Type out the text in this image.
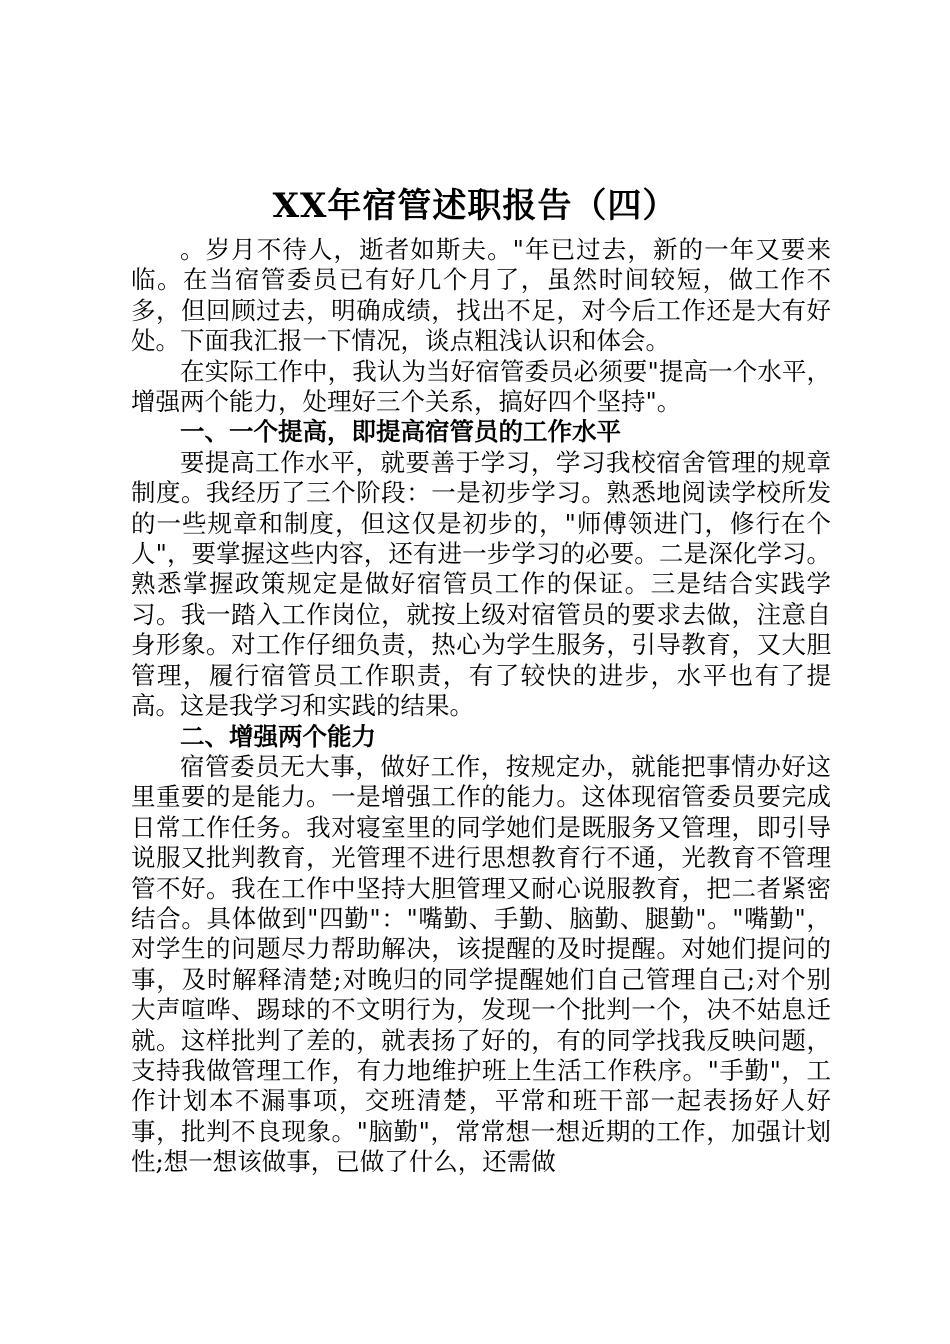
XX年宿管述职报告（四）

。岁月不待人，逝者如斯夫。"年已过去，新的一年又要来临。在当宿管委员已有好几个月了，虽然时间较短，做工作不多，但回顾过去，明确成绩，找出不足，对今后工作还是大有好处。下面我汇报一下情况，谈点粗浅认识和体会。

在实际工作中，我认为当好宿管委员必须要"提高一个水平，增强两个能力，处理好三个关系，搞好四个坚持"。

一、一个提高，即提高宿管员的工作水平

要提高工作水平，就要善于学习，学习我校宿舍管理的规章制度。我经历了三个阶段：一是初步学习。熟悉地阅读学校所发的一些规章和制度，但这仅是初步的，"师傅领进门，修行在个人"，要掌握这些内容，还有进一步学习的必要。二是深化学习。熟悉掌握政策规定是做好宿管员工作的保证。三是结合实践学习。我一踏入工作岗位，就按上级对宿管员的要求去做，注意自身形象。对工作仔细负责，热心为学生服务，引导教育，又大胆管理，履行宿管员工作职责，有了较快的进步，水平也有了提高。这是我学习和实践的结果。

二、增强两个能力

宿管委员无大事，做好工作，按规定办，就能把事情办好这里重要的是能力。一是增强工作的能力。这体现宿管委员要完成日常工作任务。我对寝室里的同学她们是既服务又管理，即引导说服又批判教育，光管理不进行思想教育行不通，光教育不管理管不好。我在工作中坚持大胆管理又耐心说服教育，把二者紧密结合。具体做到"四勤"："嘴勤、手勤、脑勤、腿勤"。"嘴勤"，对学生的问题尽力帮助解决，该提醒的及时提醒。对她们提问的事，及时解释清楚;对晚归的同学提醒她们自己管理自己;对个别大声喧哗、踢球的不文明行为，发现一个批判一个，决不姑息迁就。这样批判了差的，就表扬了好的，有的同学找我反映问题，支持我做管理工作，有力地维护班上生活工作秩序。"手勤"，工作计划本不漏事项，交班清楚，平常和班干部一起表扬好人好事，批判不良现象。"脑勤"，常常想一想近期的工作，加强计划性;想一想该做事，已做了什么，还需做
